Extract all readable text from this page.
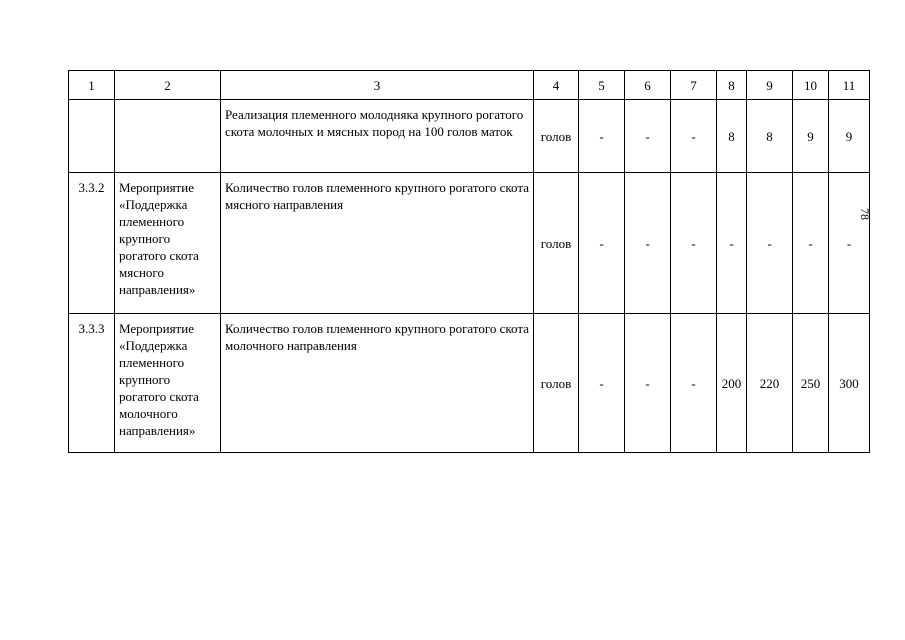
1	2	3	4	5	6	7	8	9	10	11
		Реализация племенного молодняка крупного рогатого скота молочных и мясных пород на 100 голов маток	голов	-	-	-	8	8	9	9
3.3.2	Мероприятие «Поддержка племенного крупного рогатого скота мясного направления»	Количество голов племенного крупного рогатого скота мясного направления	голов	-	-	-	-	-	-	-
3.3.3	Мероприятие «Поддержка племенного крупного рогатого скота молочного направления»	Количество голов племенного крупного рогатого скота молочного направления	голов	-	-	-	200	220	250	300
78
